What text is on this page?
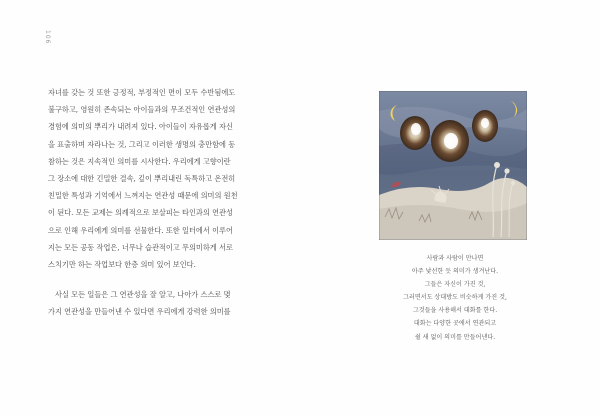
106
자녀를 갖는 것 또한 긍정적, 부정적인 면이 모두 수반됨에도
불구하고, 영원히 존속되는 아이들과의 무조건적인 연관성의
경험에 의미의 뿌리가 내려져 있다. 아이들이 자유롭게 자신
을 표출하며 자라나는 것, 그리고 이러한 생명의 충만함에 동
참하는 것은 지속적인 의미를 시사한다. 우리에게 고향이란
그 장소에 대한 긴밀한 결속, 깊이 뿌리내린 독특하고 온전히
친밀한 특성과 기억에서 느껴지는 연관성 때문에 의미의 원천
이 된다. 모든 교제는 의례적으로 보살피는 타인과의 연관성
으로 인해 우리에게 의미를 선물한다. 또한 일터에서 이루어
지는 모든 공동 작업은, 너무나 습관적이고 무의미하게 서로
스치기만 하는 작업보다 한층 의미 있어 보인다.
사실 모든 일들은 그 연관성을 잘 알고, 나아가 스스로 몇
가지 연관성을 만들어낸 수 있다면 우리에게 강력한 의미를
사람과 사람이 만나면
아주 낯선한 듯 의미가 생겨난다.
그들은 자신이 가진 것,
그러면서도 상대방도 비슷하게 가진 것,
그것들을 사용해서 대화를 한다.
대화는 다양한 곳에서 연관되고
쉴 새 없이 의미를 만들어낸다.
